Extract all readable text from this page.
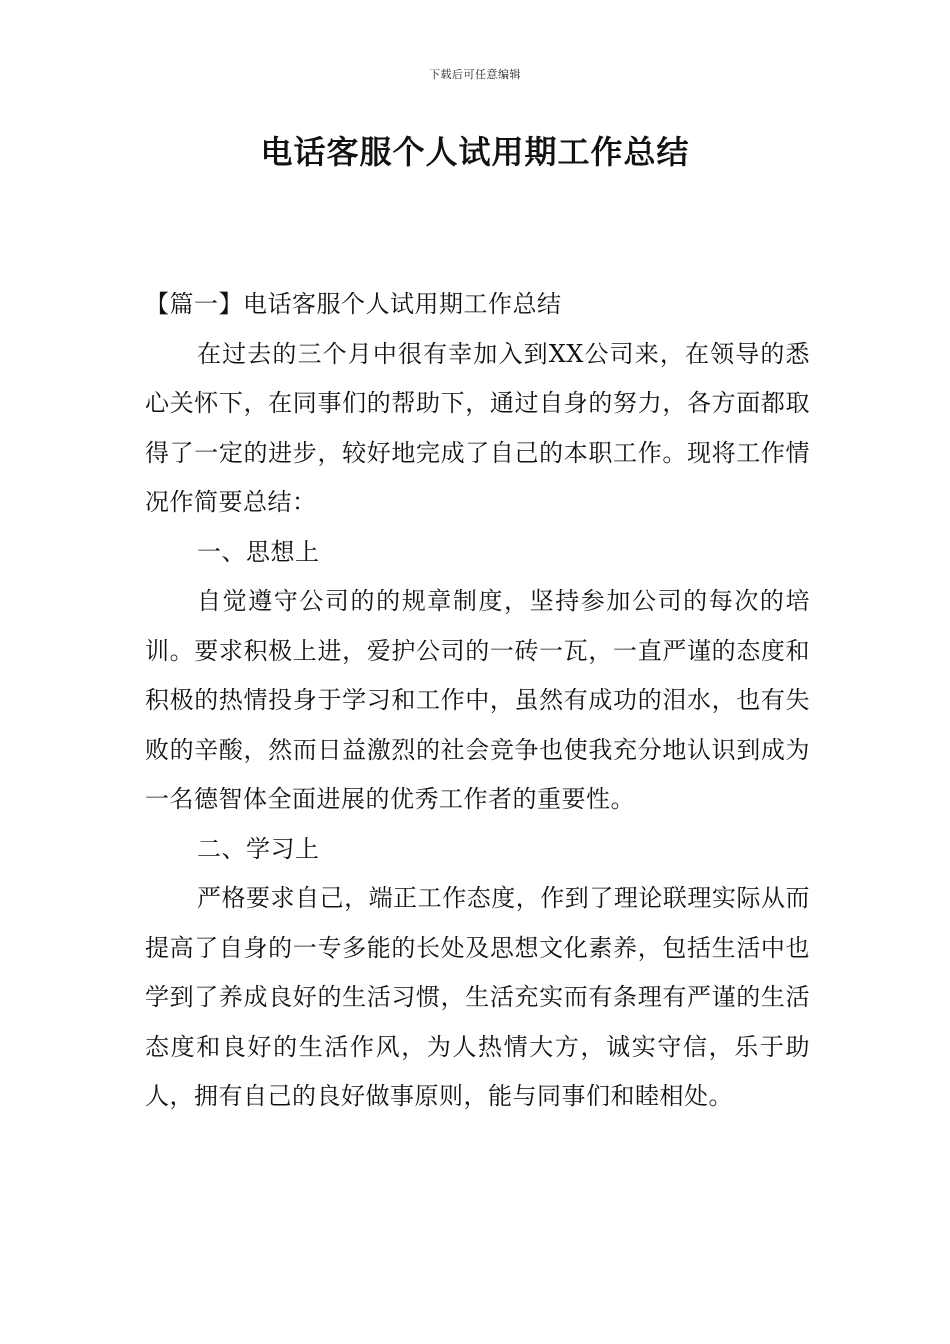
下载后可任意编辑
电话客服个人试用期工作总结

【篇一】电话客服个人试用期工作总结

在过去的三个月中很有幸加入到XX公司来，在领导的悉心关怀下，在同事们的帮助下，通过自身的努力，各方面都取得了一定的进步，较好地完成了自己的本职工作。现将工作情况作简要总结：

一、思想上

自觉遵守公司的的规章制度，坚持参加公司的每次的培训。要求积极上进，爱护公司的一砖一瓦，一直严谨的态度和积极的热情投身于学习和工作中，虽然有成功的泪水，也有失败的辛酸，然而日益激烈的社会竞争也使我充分地认识到成为一名德智体全面进展的优秀工作者的重要性。

二、学习上

严格要求自己，端正工作态度，作到了理论联理实际从而提高了自身的一专多能的长处及思想文化素养，包括生活中也学到了养成良好的生活习惯，生活充实而有条理有严谨的生活态度和良好的生活作风，为人热情大方，诚实守信，乐于助人，拥有自己的良好做事原则，能与同事们和睦相处。
